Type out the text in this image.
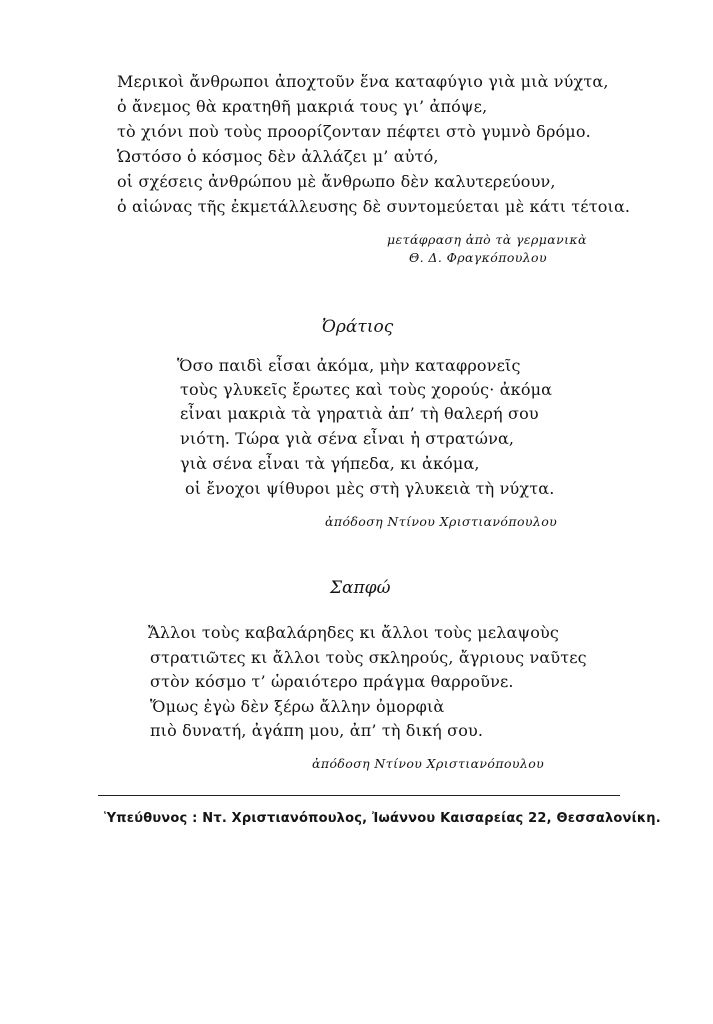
Μερικοὶ ἄνθρωποι ἀποχτοῦν ἕνα καταφύγιο γιὰ μιὰ νύχτα,
ὁ ἄνεμος θὰ κρατηθῆ μακριά τους γι’ ἀπόψε,
τὸ χιόνι ποὺ τοὺς προορίζονταν πέφτει στὸ γυμνὸ δρόμο.
Ὡστόσο ὁ κόσμος δὲν ἀλλάζει μ’ αὐτό,
οἱ σχέσεις ἀνθρώπου μὲ ἄνθρωπο δὲν καλυτερεύουν,
ὁ αἰώνας τῆς ἐκμετάλλευσης δὲ συντομεύεται μὲ κάτι τέτοια.
μετάφραση ἀπὸ τὰ γερμανικὰ
Θ. Δ. Φραγκόπουλου
Ὀράτιος
Ὅσο παιδὶ εἶσαι ἀκόμα, μὴν καταφρονεῖς
τοὺς γλυκεῖς ἔρωτες καὶ τοὺς χορούς· ἀκόμα
εἶναι μακριὰ τὰ γηρατιὰ ἀπ’ τὴ θαλερή σου
νιότη. Τώρα γιὰ σένα εἶναι ἡ στρατώνα,
γιὰ σένα εἶναι τὰ γήπεδα, κι ἀκόμα,
οἱ ἔνοχοι ψίθυροι μὲς στὴ γλυκειὰ τὴ νύχτα.
ἀπόδοση Ντίνου Χριστιανόπουλου
Σαπφώ
Ἄλλοι τοὺς καβαλάρηδες κι ἄλλοι τοὺς μελαψοὺς
στρατιῶτες κι ἄλλοι τοὺς σκληρούς, ἄγριους ναῦτες
στὸν κόσμο τ’ ὡραιότερο πράγμα θαρροῦνε.
Ὅμως ἐγὼ δὲν ξέρω ἄλλην ὀμορφιὰ
πιὸ δυνατή, ἀγάπη μου, ἀπ’ τὴ δική σου.
ἀπόδοση Ντίνου Χριστιανόπουλου
Ὑπεύθυνος : Ντ. Χριστιανόπουλος, Ἰωάννου Καισαρείας 22, Θεσσαλονίκη.
